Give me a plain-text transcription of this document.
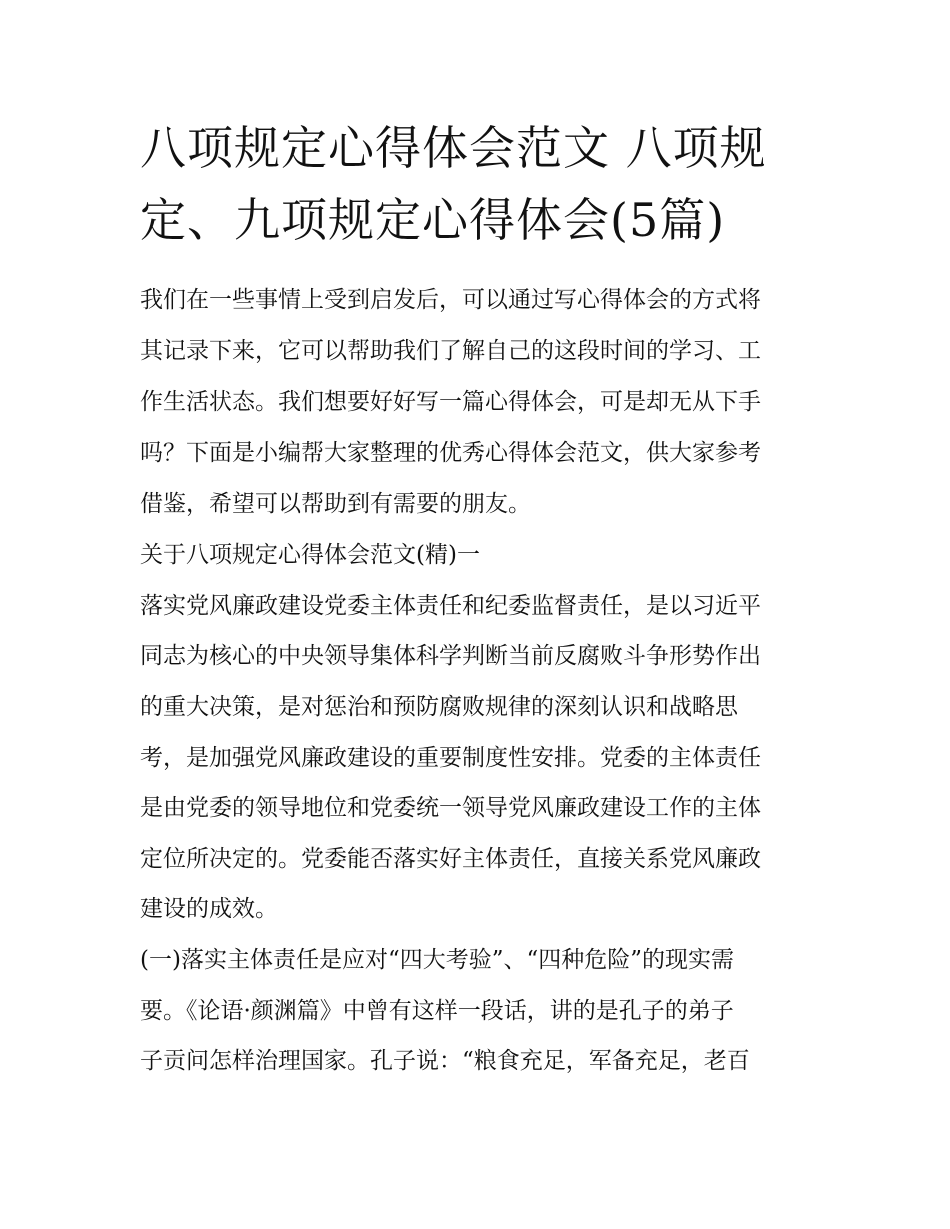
八项规定心得体会范文 八项规定、九项规定心得体会(5篇)
我们在一些事情上受到启发后，可以通过写心得体会的方式将
其记录下来，它可以帮助我们了解自己的这段时间的学习、工
作生活状态。我们想要好好写一篇心得体会，可是却无从下手
吗？下面是小编帮大家整理的优秀心得体会范文，供大家参考
借鉴，希望可以帮助到有需要的朋友。
关于八项规定心得体会范文(精)一
落实党风廉政建设党委主体责任和纪委监督责任，是以习近平
同志为核心的中央领导集体科学判断当前反腐败斗争形势作出
的重大决策，是对惩治和预防腐败规律的深刻认识和战略思
考，是加强党风廉政建设的重要制度性安排。党委的主体责任
是由党委的领导地位和党委统一领导党风廉政建设工作的主体
定位所决定的。党委能否落实好主体责任，直接关系党风廉政
建设的成效。
(一)落实主体责任是应对“四大考验”、“四种危险”的现实需
要。《论语·颜渊篇》中曾有这样一段话，讲的是孔子的弟子
子贡问怎样治理国家。孔子说：“粮食充足，军备充足，老百
